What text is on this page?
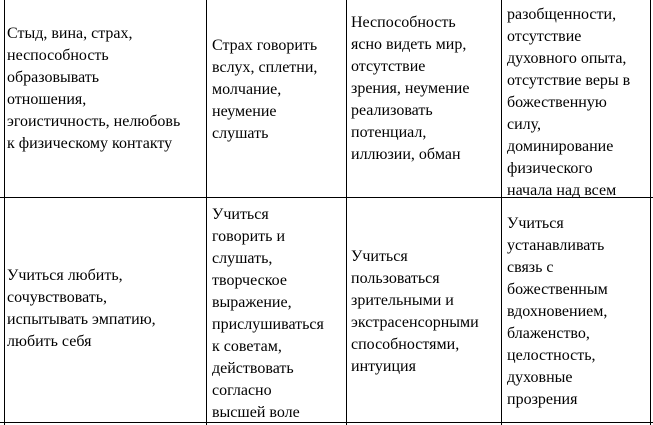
Стыд, вина, страх,
неспособность
образовывать
отношения,
эгоистичность, нелюбовь
к физическому контакту
Страх говорить
вслух, сплетни,
молчание,
неумение
слушать
Неспособность
ясно видеть мир,
отсутствие
зрения, неумение
реализовать
потенциал,
иллюзии, обман
разобщенности,
отсутствие
духовного опыта,
отсутствие веры в
божественную
силу,
доминирование
физического
начала над всем
Учиться любить,
сочувствовать,
испытывать эмпатию,
любить себя
Учиться
говорить и
слушать,
творческое
выражение,
прислушиваться
к советам,
действовать
согласно
высшей воле
Учиться
пользоваться
зрительными и
экстрасенсорными
способностями,
интуиция
Учиться
устанавливать
связь с
божественным
вдохновением,
блаженство,
целостность,
духовные
прозрения
